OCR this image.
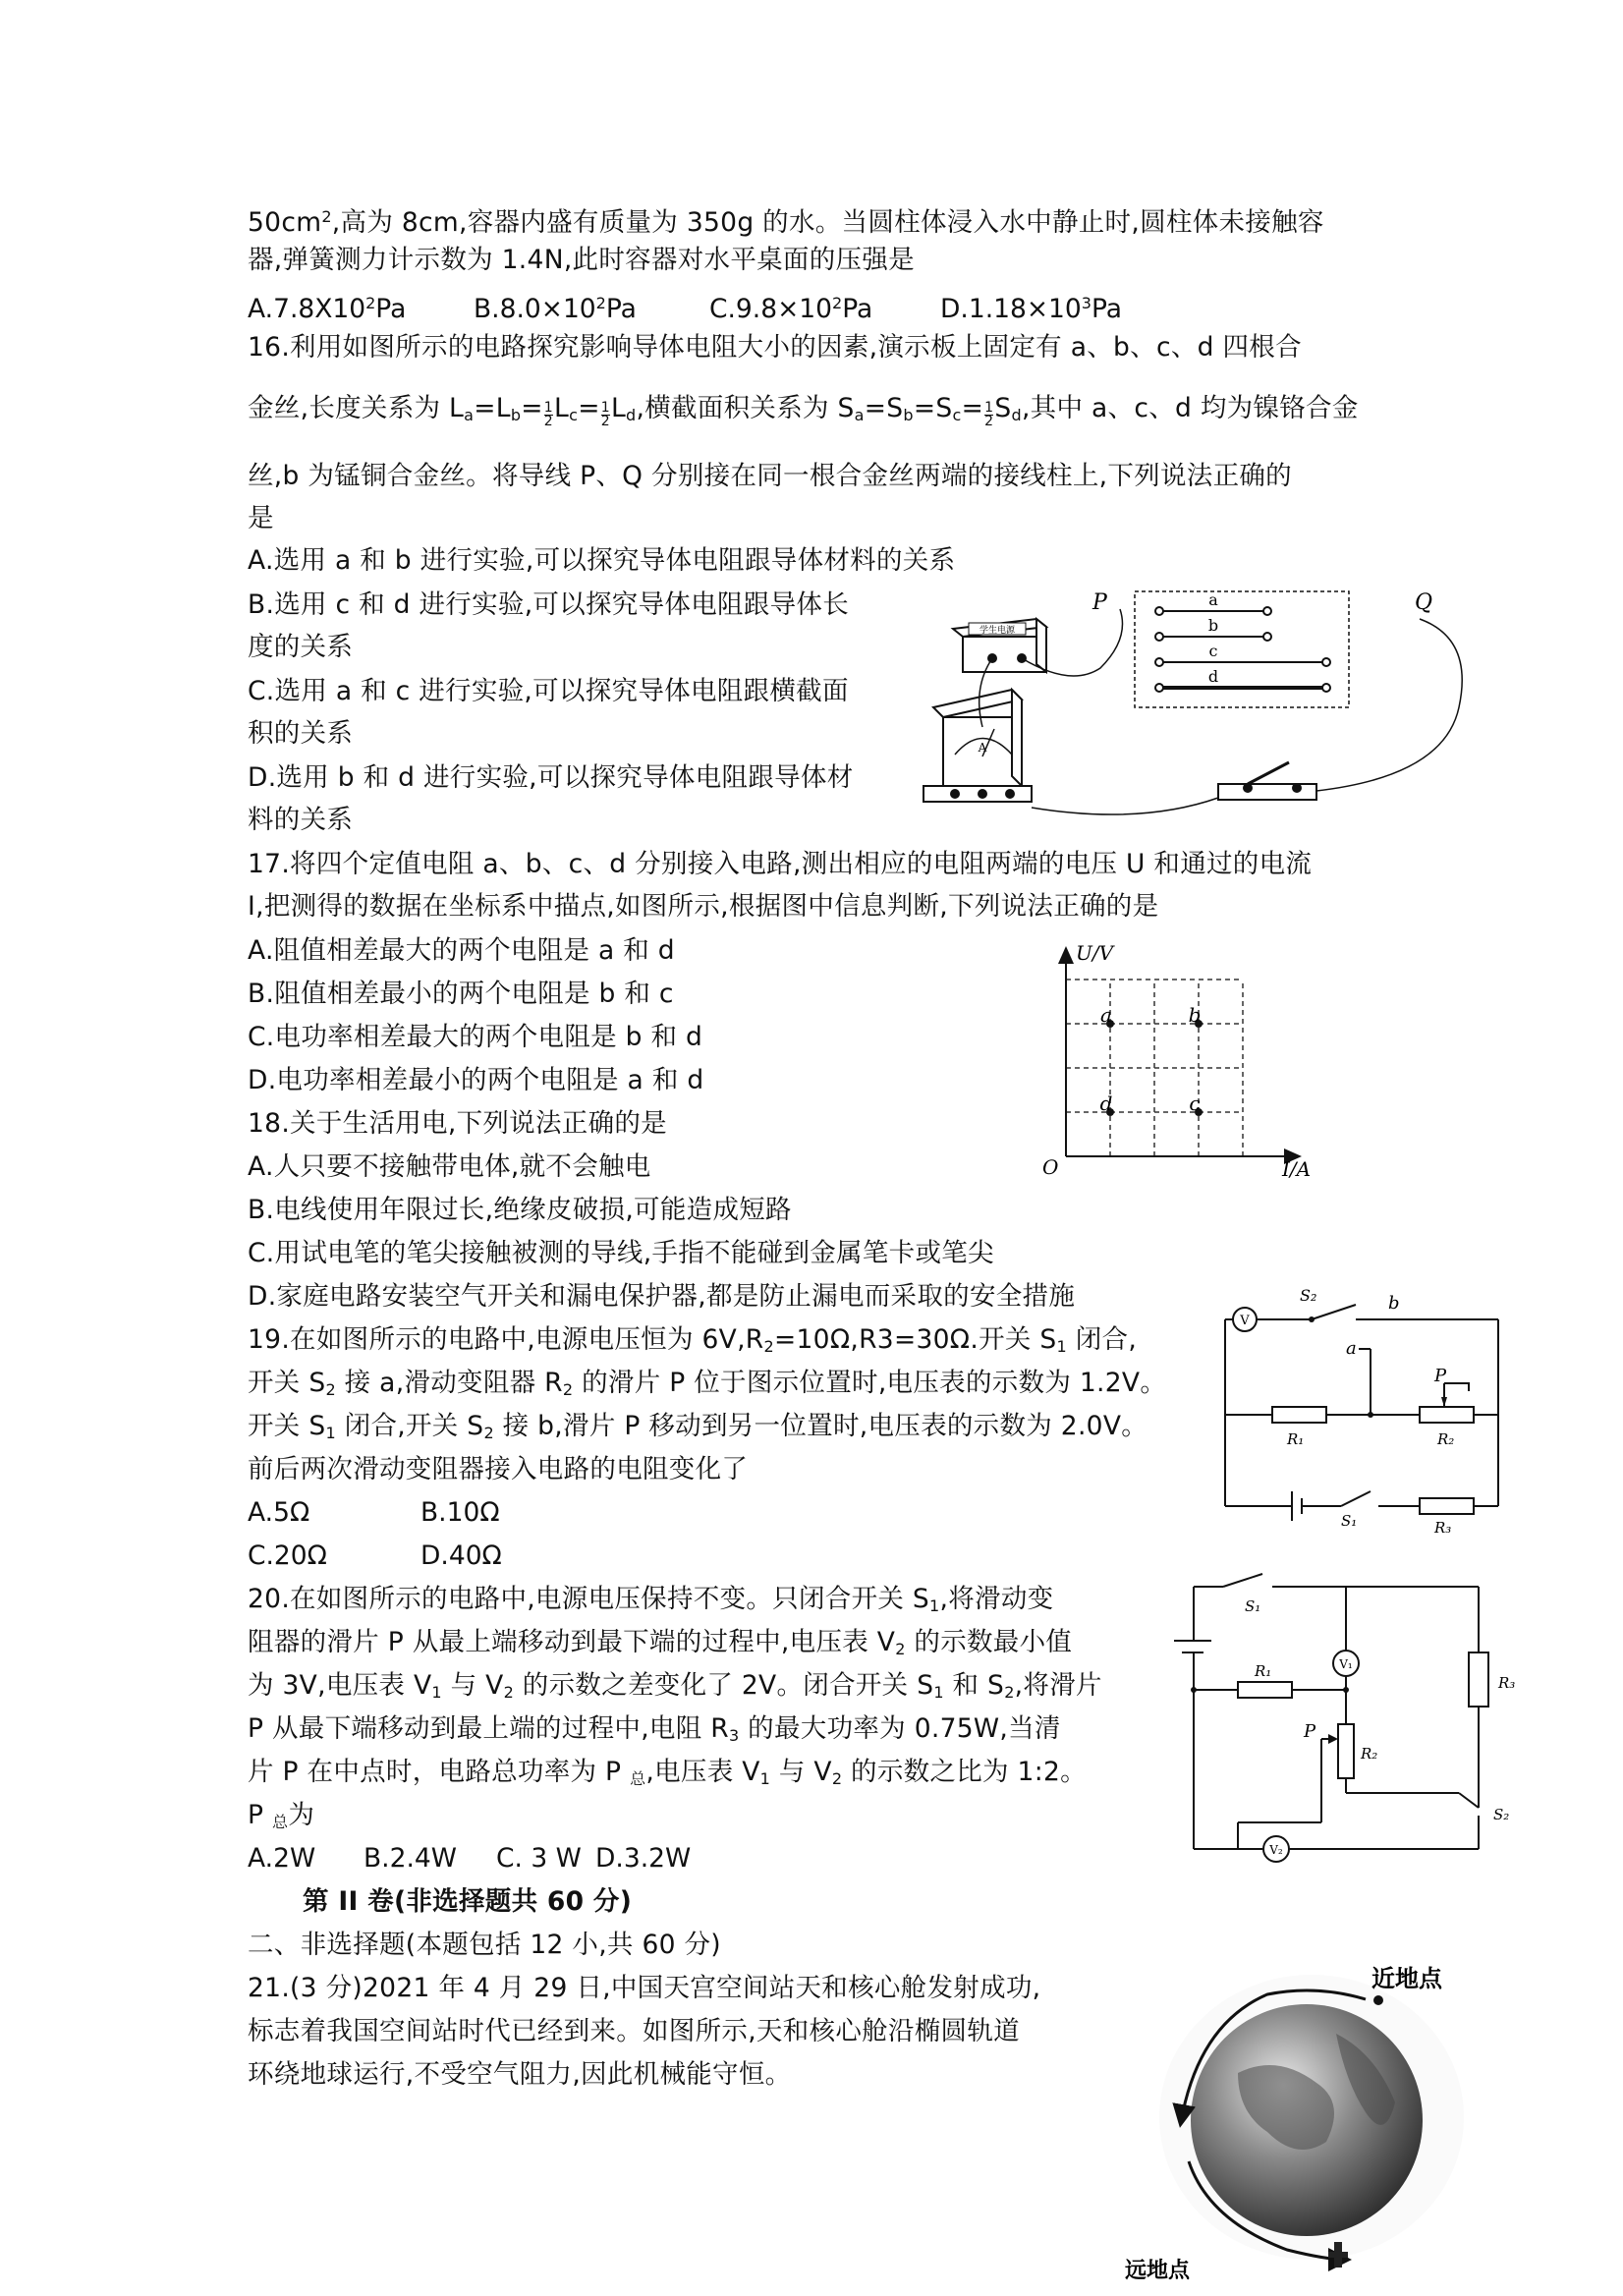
$50cm^2$,高为 8cm,容器内盛有质量为 350g 的水。当圆柱体浸入水中静止时,圆柱体未接触容
器,弹簧测力计示数为 1.4N,此时容器对水平桌面的压强是
$A.7.8X10^2Pa$	$B.8.0\times 10^2Pa$	$C.9.8\times 10^2Pa$	$D.1.18\times 10^3Pa$
16.利用如图所示的电路探究影响导体电阻大小的因素,演示板上固定有 a、b、c、d 四根合
金丝,长度关系为 $L_a=L_b= \frac{1}{2} L_c= \frac{1}{2} L_d$,横截面积关系为 $S_a=S_b=S_c= \frac{1}{2} S_d$,其中 a、c、d 均为镍铬合金
丝,b 为锰铜合金丝。将导线 P、Q 分别接在同一根合金丝两端的接线柱上,下列说法正确的
是
A.选用 a 和 b 进行实验,可以探究导体电阻跟导体材料的关系
B.选用 c 和 d 进行实验,可以探究导体电阻跟导体长
度的关系
C.选用 a 和 c 进行实验,可以探究导体电阻跟横截面
积的关系
D.选用 b 和 d 进行实验,可以探究导体电阻跟导体材
料的关系
学生电源
A
P	a
b
c
d
Q
17.将四个定值电阻 a、b、c、d 分别接入电路,测出相应的电阻两端的电压 U 和通过的电流
I,把测得的数据在坐标系中描点,如图所示,根据图中信息判断,下列说法正确的是
A.阻值相差最大的两个电阻是 a 和 d
B.阻值相差最小的两个电阻是 b 和 c
C.电功率相差最大的两个电阻是 b 和 d
D.电功率相差最小的两个电阻是 a 和 d
U/V
I/A
O
a	b
d	c
18.关于生活用电,下列说法正确的是
A.人只要不接触带电体,就不会触电
B.电线使用年限过长,绝缘皮破损,可能造成短路
C.用试电笔的笔尖接触被测的导线,手指不能碰到金属笔卡或笔尖
D.家庭电路安装空气开关和漏电保护器,都是防止漏电而采取的安全措施
19.在如图所示的电路中,电源电压恒为 $6V,R_2=10\Omega,R3=30\Omega$.开关 $S_1$ 闭合,
开关 $S_2$ 接 a,滑动变阻器 $R_2$ 的滑片 P 位于图示位置时,电压表的示数为 1.2V。
开关 $S_1$ 闭合,开关 $S_2$ 接 b,滑片 P 移动到另一位置时,电压表的示数为 2.0V。
前后两次滑动变阻器接入电路的电阻变化了
A.5Ω	B.10Ω
C.20Ω	D.40Ω
V
S₂	b
a
P
R₁	R₂
S₁	R₃
20.在如图所示的电路中,电源电压保持不变。只闭合开关 $S_1$,将滑动变
阻器的滑片 P 从最上端移动到最下端的过程中,电压表 $V_2$ 的示数最小值
为 3V,电压表 $V_1$ 与 $V_2$ 的示数之差变化了 2V。闭合开关 $S_1$ 和 $S_2$,将滑片
P 从最下端移动到最上端的过程中,电阻 $R_3$ 的最大功率为 0.75W,当清
片 P 在中点时，电路总功率为 P $_总$,电压表 $V_1$ 与 $V_2$ 的示数之比为 1:2。
P $_总$为
A.2W B.2.4W C. 3 W D.3.2W
S₁
V₁
R₁
R₃
P
R₂
S₂
V₂
第 II 卷(非选择题共 60 分)
二、非选择题(本题包括 12 小,共 60 分)
21.(3 分)2021 年 4 月 29 日,中国天宫空间站天和核心舱发射成功,
标志着我国空间站时代已经到来。如图所示,天和核心舱沿椭圆轨道
环绕地球运行,不受空气阻力,因此机械能守恒。
近地点
远地点
